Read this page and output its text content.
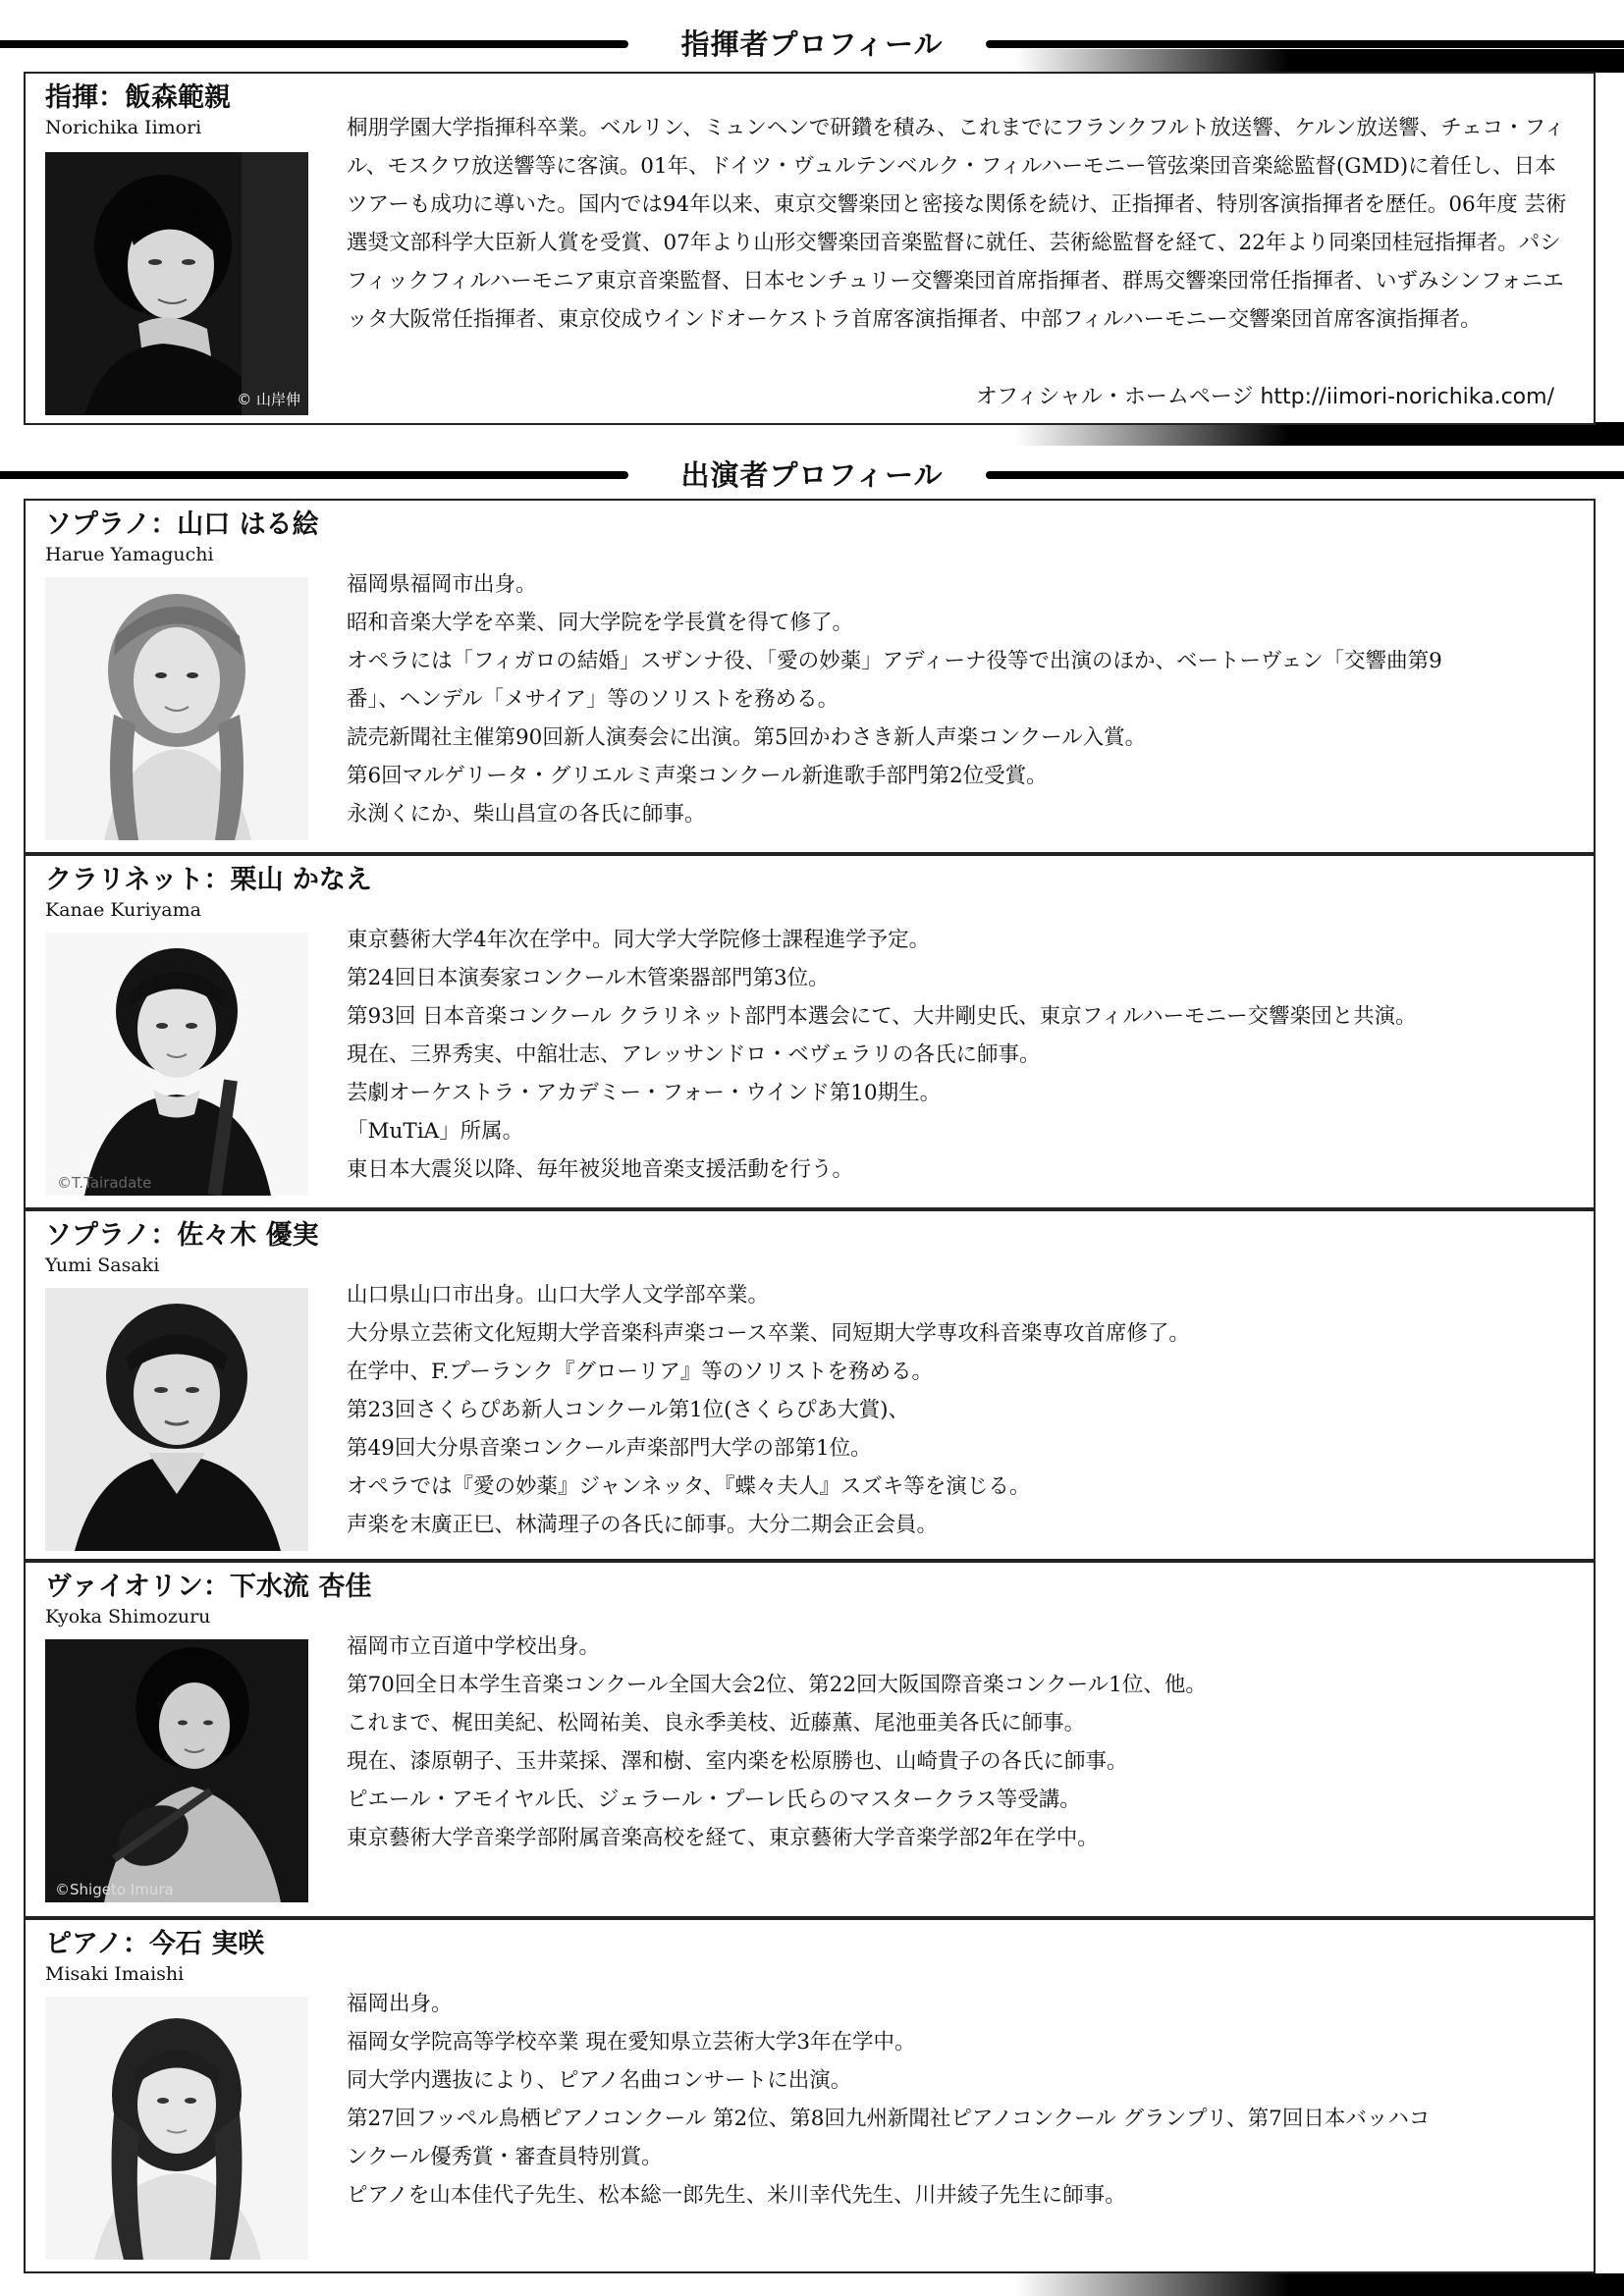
指揮者プロフィール
指揮：飯森範親
Norichika Iimori
© 山岸伸

桐朋学園大学指揮科卒業。ベルリン、ミュンヘンで研鑽を積み、これまでにフランクフルト放送響、ケルン放送響、チェコ・フィル、モスクワ放送響等に客演。01年、ドイツ・ヴュルテンベルク・フィルハーモニー管弦楽団音楽総監督(GMD)に着任し、日本ツアーも成功に導いた。国内では94年以来、東京交響楽団と密接な関係を続け、正指揮者、特別客演指揮者を歴任。06年度 芸術選奨文部科学大臣新人賞を受賞、07年より山形交響楽団音楽監督に就任、芸術総監督を経て、22年より同楽団桂冠指揮者。パシフィックフィルハーモニア東京音楽監督、日本センチュリー交響楽団首席指揮者、群馬交響楽団常任指揮者、いずみシンフォニエッタ大阪常任指揮者、東京佼成ウインドオーケストラ首席客演指揮者、中部フィルハーモニー交響楽団首席客演指揮者。

オフィシャル・ホームページ http://iimori-norichika.com/
出演者プロフィール
ソプラノ：山口 はる絵
Harue Yamaguchi

福岡県福岡市出身。

昭和音楽大学を卒業、同大学院を学長賞を得て修了。

オペラには「フィガロの結婚」スザンナ役、「愛の妙薬」アディーナ役等で出演のほか、ベートーヴェン「交響曲第9

番」、ヘンデル「メサイア」等のソリストを務める。

読売新聞社主催第90回新人演奏会に出演。第5回かわさき新人声楽コンクール入賞。

第6回マルゲリータ・グリエルミ声楽コンクール新進歌手部門第2位受賞。

永渕くにか、柴山昌宣の各氏に師事。

クラリネット：栗山 かなえ
Kanae Kuriyama
©T.Tairadate

東京藝術大学4年次在学中。同大学大学院修士課程進学予定。

第24回日本演奏家コンクール木管楽器部門第3位。

第93回 日本音楽コンクール クラリネット部門本選会にて、大井剛史氏、東京フィルハーモニー交響楽団と共演。

現在、三界秀実、中舘壮志、アレッサンドロ・ベヴェラリの各氏に師事。

芸劇オーケストラ・アカデミー・フォー・ウインド第10期生。

「MuTiA」所属。

東日本大震災以降、毎年被災地音楽支援活動を行う。

ソプラノ：佐々木 優実
Yumi Sasaki

山口県山口市出身。山口大学人文学部卒業。

大分県立芸術文化短期大学音楽科声楽コース卒業、同短期大学専攻科音楽専攻首席修了。

在学中、F.プーランク『グローリア』等のソリストを務める。

第23回さくらぴあ新人コンクール第1位(さくらぴあ大賞)、

第49回大分県音楽コンクール声楽部門大学の部第1位。

オペラでは『愛の妙薬』ジャンネッタ、『蝶々夫人』スズキ等を演じる。

声楽を末廣正巳、林満理子の各氏に師事。大分二期会正会員。

ヴァイオリン：下水流 杏佳
Kyoka Shimozuru
©Shigeto Imura

福岡市立百道中学校出身。

第70回全日本学生音楽コンクール全国大会2位、第22回大阪国際音楽コンクール1位、他。

これまで、梶田美紀、松岡祐美、良永季美枝、近藤薫、尾池亜美各氏に師事。

現在、漆原朝子、玉井菜採、澤和樹、室内楽を松原勝也、山崎貴子の各氏に師事。

ピエール・アモイヤル氏、ジェラール・プーレ氏らのマスタークラス等受講。

東京藝術大学音楽学部附属音楽高校を経て、東京藝術大学音楽学部2年在学中。

ピアノ：今石 実咲
Misaki Imaishi

福岡出身。

福岡女学院高等学校卒業 現在愛知県立芸術大学3年在学中。

同大学内選抜により、ピアノ名曲コンサートに出演。

第27回フッペル鳥栖ピアノコンクール 第2位、第8回九州新聞社ピアノコンクール グランプリ、第7回日本バッハコ

ンクール優秀賞・審査員特別賞。

ピアノを山本佳代子先生、松本総一郎先生、米川幸代先生、川井綾子先生に師事。
